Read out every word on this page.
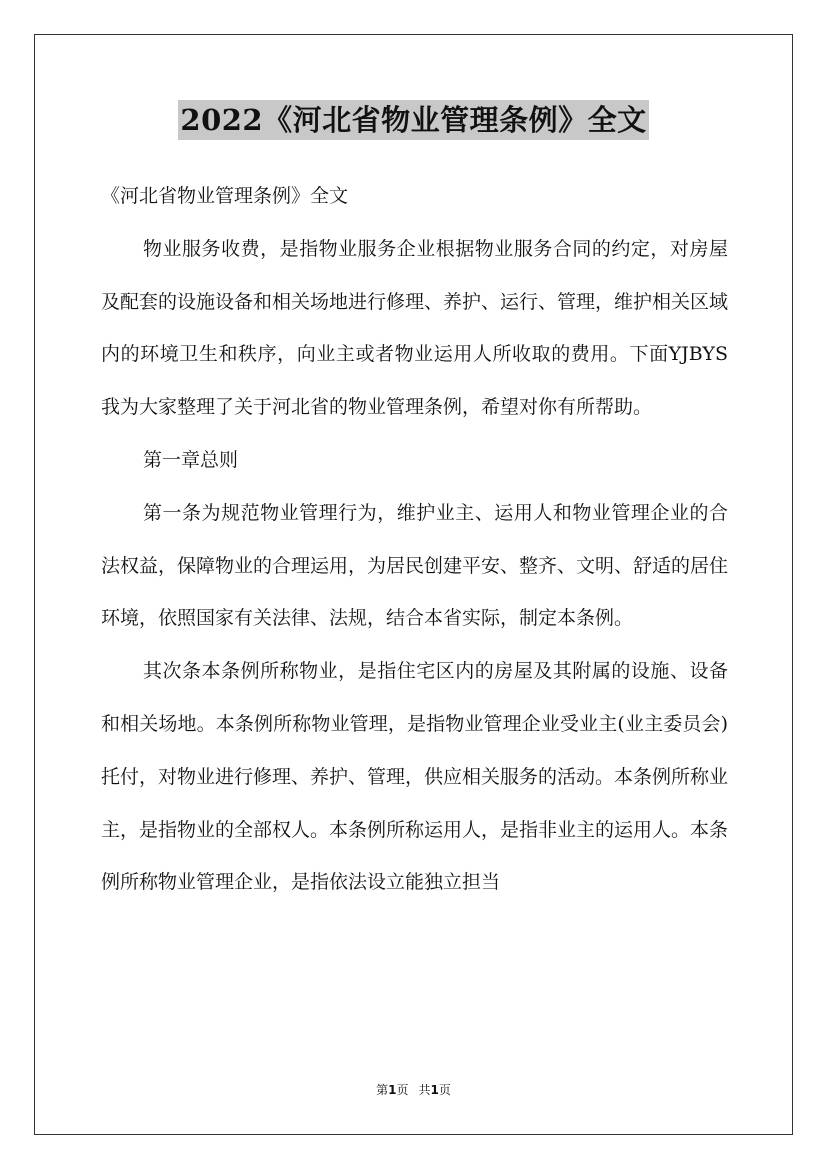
2022《河北省物业管理条例》全文

《河北省物业管理条例》全文

物业服务收费，是指物业服务企业根据物业服务合同的约定，对房屋及配套的设施设备和相关场地进行修理、养护、运行、管理，维护相关区域内的环境卫生和秩序，向业主或者物业运用人所收取的费用。下面YJBYS我为大家整理了关于河北省的物业管理条例，希望对你有所帮助。

第一章总则

第一条为规范物业管理行为，维护业主、运用人和物业管理企业的合法权益，保障物业的合理运用，为居民创建平安、整齐、文明、舒适的居住环境，依照国家有关法律、法规，结合本省实际，制定本条例。

其次条本条例所称物业，是指住宅区内的房屋及其附属的设施、设备和相关场地。本条例所称物业管理，是指物业管理企业受业主(业主委员会)托付，对物业进行修理、养护、管理，供应相关服务的活动。本条例所称业主，是指物业的全部权人。本条例所称运用人，是指非业主的运用人。本条例所称物业管理企业，是指依法设立能独立担当

第1页 共1页
